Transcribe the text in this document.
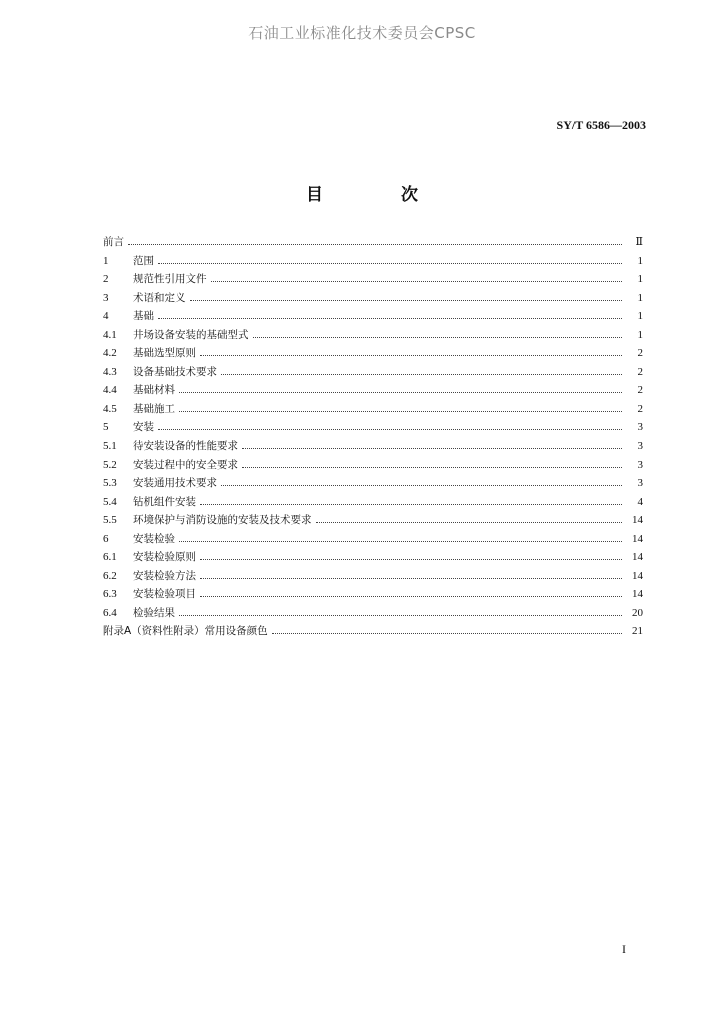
石油工业标准化技术委员会CPSC
SY/T 6586—2003
目 次
前言	Ⅱ
1	范围	1
2	规范性引用文件	1
3	术语和定义	1
4	基础	1
4.1	井场设备安装的基础型式	1
4.2	基础选型原则	2
4.3	设备基础技术要求	2
4.4	基础材料	2
4.5	基础施工	2
5	安装	3
5.1	待安装设备的性能要求	3
5.2	安装过程中的安全要求	3
5.3	安装通用技术要求	3
5.4	钻机组件安装	4
5.5	环境保护与消防设施的安装及技术要求	14
6	安装检验	14
6.1	安装检验原则	14
6.2	安装检验方法	14
6.3	安装检验项目	14
6.4	检验结果	20
附录A（资料性附录）常用设备颜色	21
I
